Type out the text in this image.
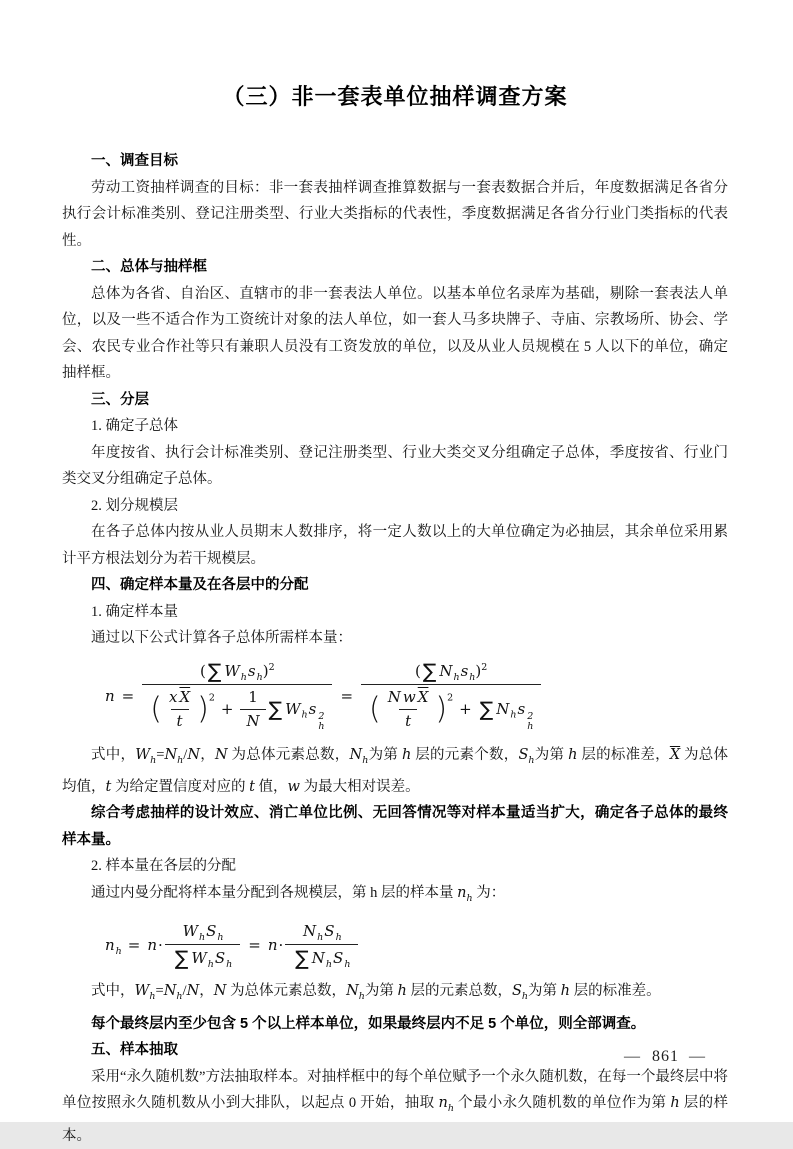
（三）非一套表单位抽样调查方案
一、调查目标
劳动工资抽样调查的目标：非一套表抽样调查推算数据与一套表数据合并后，年度数据满足各省分执行会计标准类别、登记注册类型、行业大类指标的代表性，季度数据满足各省分行业门类指标的代表性。
二、总体与抽样框
总体为各省、自治区、直辖市的非一套表法人单位。以基本单位名录库为基础，剔除一套表法人单位，以及一些不适合作为工资统计对象的法人单位，如一套人马多块牌子、寺庙、宗教场所、协会、学会、农民专业合作社等只有兼职人员没有工资发放的单位，以及从业人员规模在 5 人以下的单位，确定抽样框。
三、分层
1. 确定子总体
年度按省、执行会计标准类别、登记注册类型、行业大类交叉分组确定子总体，季度按省、行业门类交叉分组确定子总体。
2. 划分规模层
在各子总体内按从业人员期末人数排序，将一定人数以上的大单位确定为必抽层，其余单位采用累计平方根法划分为若干规模层。
四、确定样本量及在各层中的分配
1. 确定样本量
通过以下公式计算各子总体所需样本量：
n = ( ∑ $W_hs_h)^2$
( $\frac{x \overline{X}}{t} )^2+ \frac{1}{N}$ ∑ $W_hs$ 2
h = ( ∑ $N_hs_h)^2$
( $\frac{N w \overline{X}}{t} )^2+$ ∑ $N_hs$ 2
h
式中，$W_h=N_h/N$，N 为总体元素总数，$N_h$为第 h 层的元素个数，$S_h$为第 h 层的标准差，$\overline{X}$ 为总体均值，t 为给定置信度对应的 t 值，w 为最大相对误差。
综合考虑抽样的设计效应、消亡单位比例、无回答情况等对样本量适当扩大，确定各子总体的最终样本量。
2. 样本量在各层的分配
通过内曼分配将样本量分配到各规模层，第 h 层的样本量 $n_h$ 为：
$n_h = n\cdot \frac{W_hS_h}{\sum W_hS_h} = n\cdot \frac{N_hS_h}{\sum N_hS_h}$
式中，$W_h=N_h/N$，N 为总体元素总数，$N_h$为第 h 层的元素总数，$S_h$为第 h 层的标准差。
每个最终层内至少包含 5 个以上样本单位，如果最终层内不足 5 个单位，则全部调查。
五、样本抽取
采用“永久随机数”方法抽取样本。对抽样框中的每个单位赋予一个永久随机数，在每一个最终层中将单位按照永久随机数从小到大排队，以起点 0 开始，抽取 $n_h$ 个最小永久随机数的单位作为第 h 层的样本。
— 861 —
